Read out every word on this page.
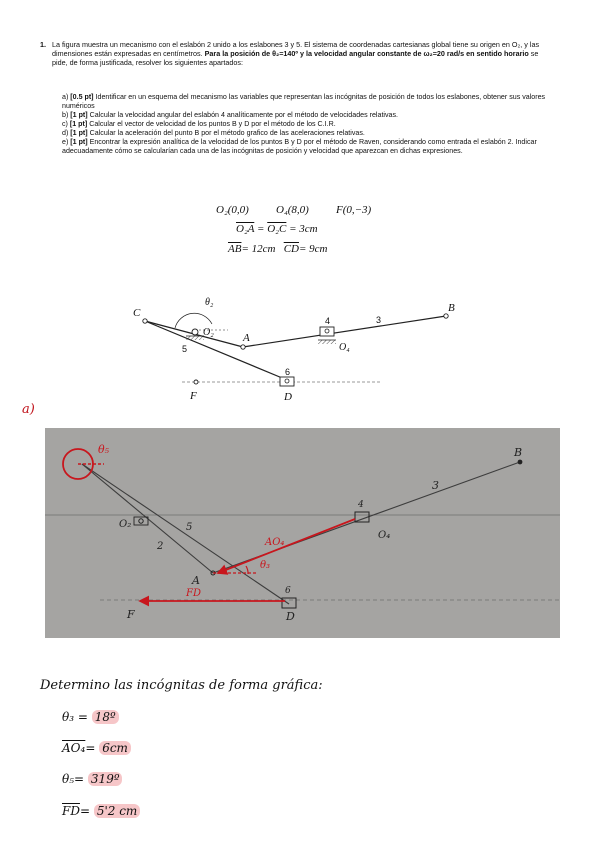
1. La figura muestra un mecanismo con el eslabón 2 unido a los eslabones 3 y 5. El sistema de coordenadas cartesianas global tiene su origen en O₂, y las dimensiones están expresadas en centímetros. Para la posición de θ₂=140º y la velocidad angular constante de ω₂=20 rad/s en sentido horario se pide, de forma justificada, resolver los siguientes apartados:

a) [0.5 pt] Identificar en un esquema del mecanismo las variables que representan las incógnitas de posición de todos los eslabones, obtener sus valores numéricos

b) [1 pt] Calcular la velocidad angular del eslabón 4 analíticamente por el método de velocidades relativas.

c) [1 pt] Calcular el vector de velocidad de los puntos B y D por el método de los C.I.R.

d) [1 pt] Calcular la aceleración del punto B por el método grafico de las aceleraciones relativas.

e) [1 pt] Encontrar la expresión analítica de la velocidad de los puntos B y D por el método de Raven, considerando como entrada el eslabón 2. Indicar adecuadamente cómo se calcularían cada una de las incógnitas de posición y velocidad que aparezcan en dichas expresiones.

O₂(0,0) O₄(8,0) F(0,−3)
O₂A = O₂C = 3cm
$\overline{AB}= 12cm$ $\overline{CD}= 9cm$
C	B
A
O₂
O₄
F	D
θ₂
3
4
5
6
B
3
4
O₄
O₂	5
2
A
F	D
6
θ₅
AO₄
θ₃
FD
a)
Determino las incógnitas de forma gráfica:
θ₃ = 18º
AO₄= 6cm
θ₅= 319º
$\overline{FD}= 5'2$ cm
